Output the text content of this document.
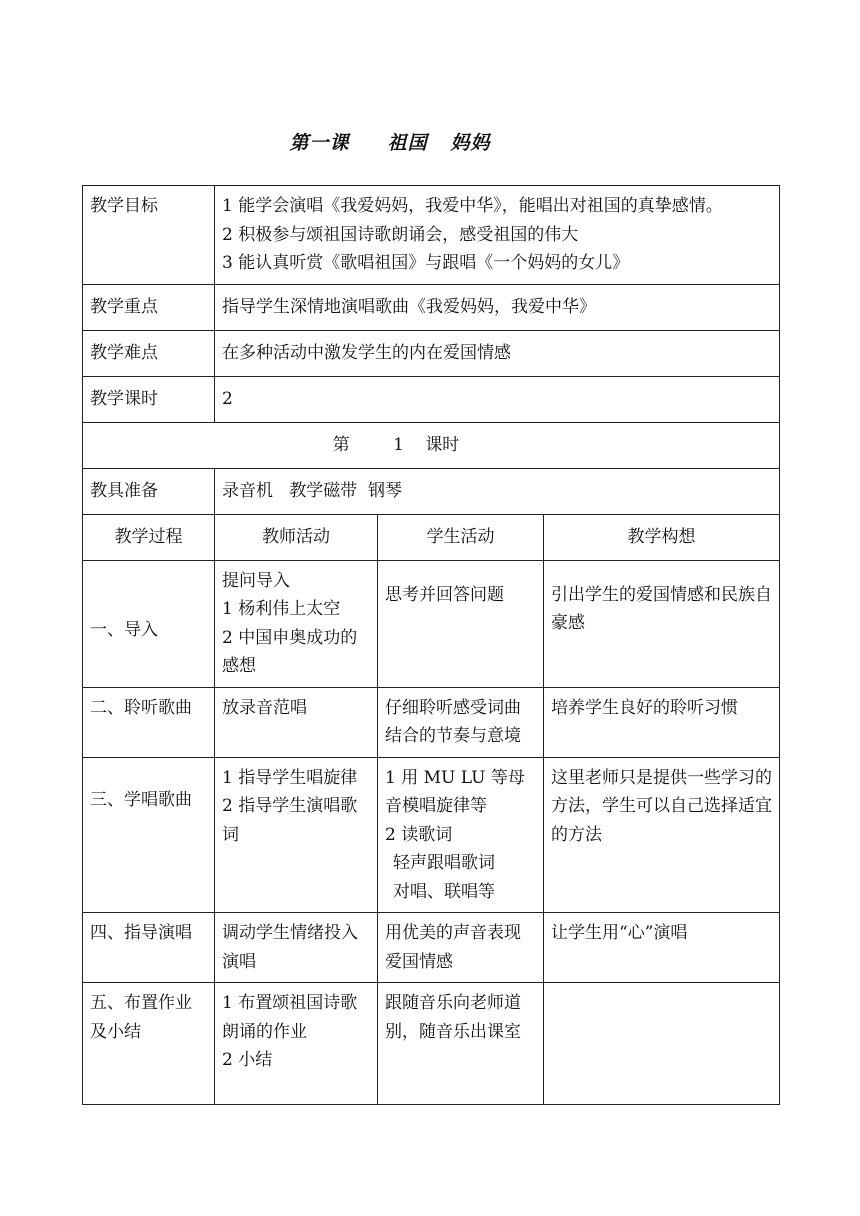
第一课     祖国   妈妈
教学目标	1 能学会演唱《我爱妈妈，我爱中华》，能唱出对祖国的真挚感情。
2 积极参与颂祖国诗歌朗诵会，感受祖国的伟大
3 能认真听赏《歌唱祖国》与跟唱《一个妈妈的女儿》		

教学重点	指导学生深情地演唱歌曲《我爱妈妈，我爱中华》		
教学难点	在多种活动中激发学生的内在爱国情感		
教学课时	2		
第 1 课时			
教具准备	录音机   教学磁带  钢琴		
教学过程	教师活动	学生活动	教学构想
一、导入	提问导入
1 杨利伟上太空
2 中国申奥成功的感想	思考并回答问题	引出学生的爱国情感和民族自豪感

二、聆听歌曲	放录音范唱	仔细聆听感受词曲结合的节奏与意境	培养学生良好的聆听习惯

三、学唱歌曲	1 指导学生唱旋律
2 指导学生演唱歌词	1 用 MU LU 等母音模唱旋律等
2 读歌词
轻声跟唱歌词
对唱、联唱等	这里老师只是提供一些学习的方法，学生可以自己选择适宜的方法

四、指导演唱	调动学生情绪投入演唱	用优美的声音表现爱国情感	让学生用“心”演唱

五、布置作业及小结	1 布置颂祖国诗歌朗诵的作业
2 小结	跟随音乐向老师道别，随音乐出课室	
